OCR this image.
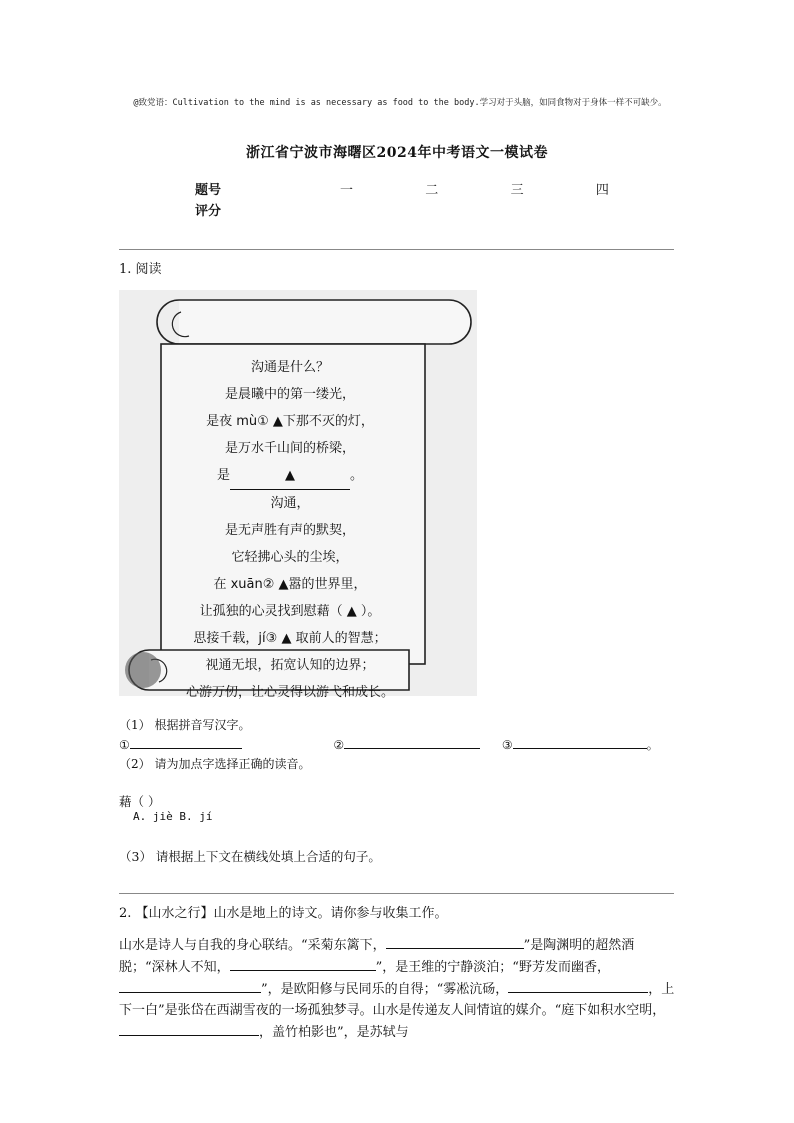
@致党语：Cultivation to the mind is as necessary as food to the body.学习对于头脑，如同食物对于身体一样不可缺少。
浙江省宁波市海曙区2024年中考语文一模试卷
题号	一	二	三	四
评分
1. 阅读
沟通是什么？
是晨曦中的第一缕光，
是夜 mù① ▲下那不灭的灯，
是万水千山间的桥梁，
是	▲	。
沟通，
是无声胜有声的默契，
它轻拂心头的尘埃，
在 xuān② ▲嚣的世界里，
让孤独的心灵找到慰藉（ ▲ ）。
思接千载，jí③ ▲ 取前人的智慧；
视通无垠，拓宽认知的边界；
心游万仞，让心灵得以游弋和成长。
（1） 根据拼音写汉字。
①	②	③	。
（2） 请为加点字选择正确的读音。
藉（ ）
A. jiè B. jí
（3） 请根据上下文在横线处填上合适的句子。
2. 【山水之行】山水是地上的诗文。请你参与收集工作。

山水是诗人与自我的身心联结。“采菊东篱下，	”是陶渊明的超然酒脱；“深林人不知，	”，是王维的宁静淡泊；“野芳发而幽香，”，是欧阳修与民同乐的自得；“雾凇沆砀，	，上下一白”是张岱在西湖雪夜的一场孤独梦寻。山水是传递友人间情谊的媒介。“庭下如积水空明，，盖竹柏影也”，是苏轼与
